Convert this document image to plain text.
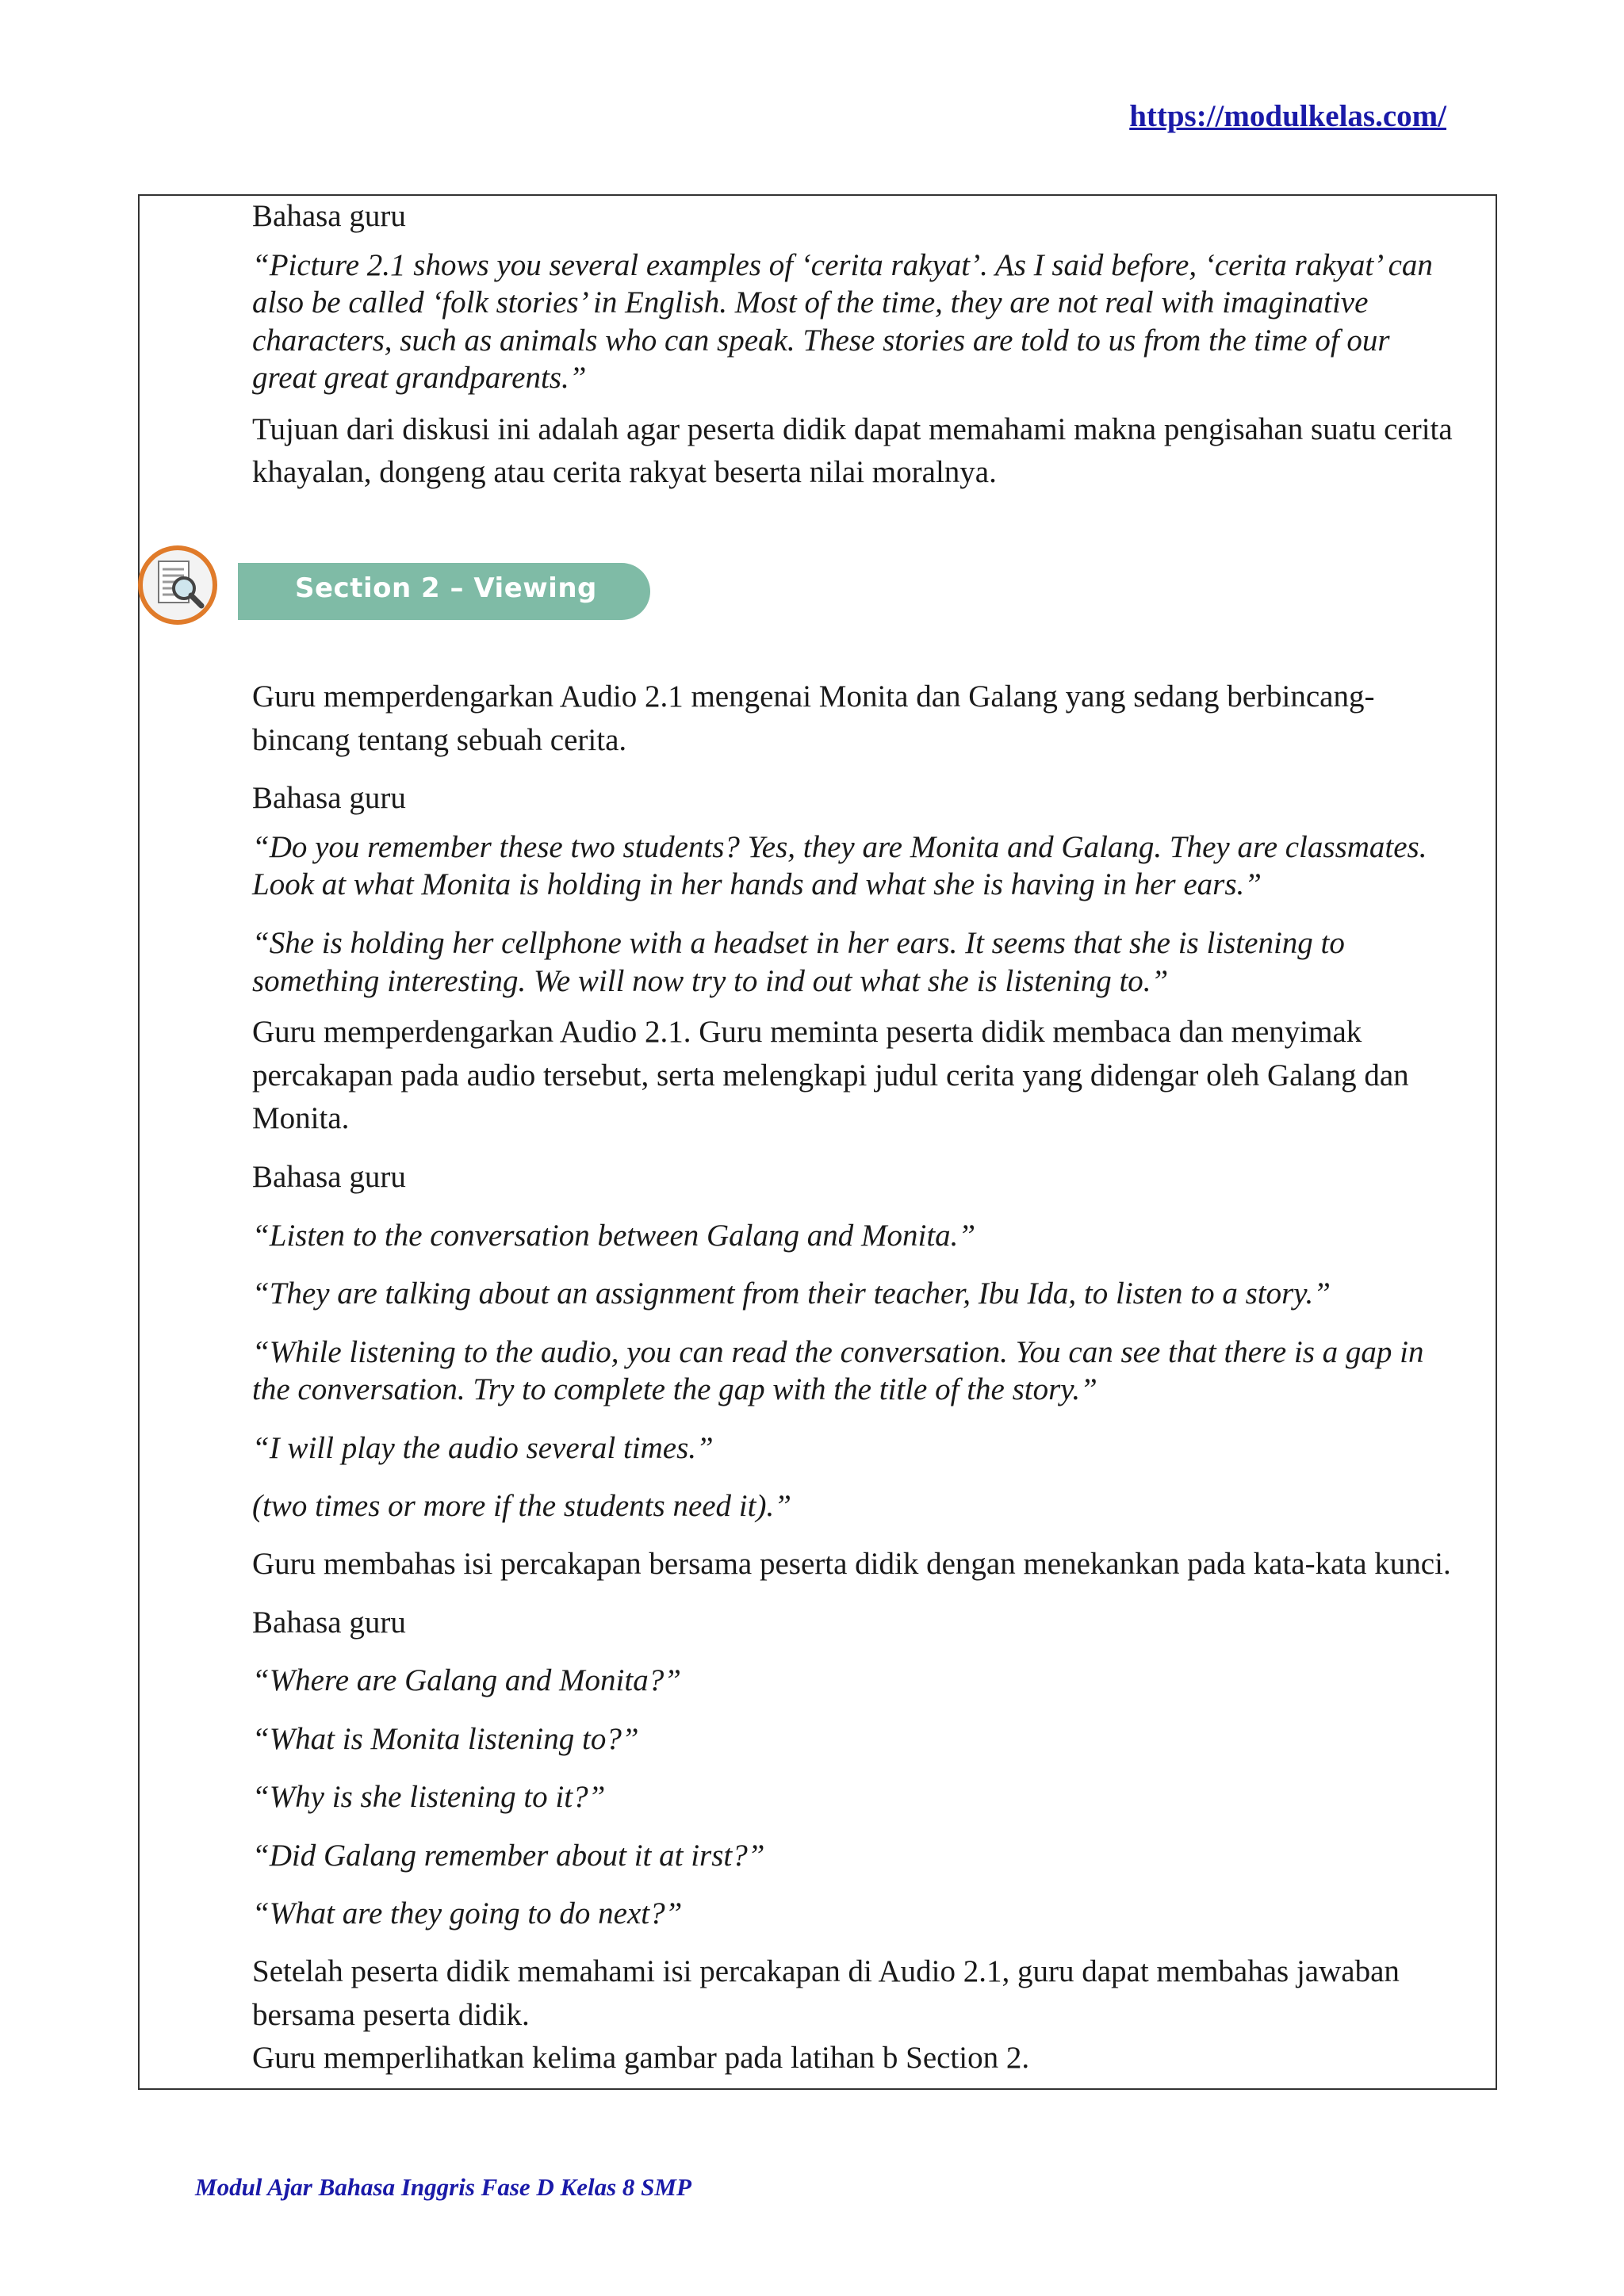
https://modulkelas.com/

Bahasa guru

“Picture 2.1 shows you several examples of ‘cerita rakyat’. As I said before, ‘cerita rakyat’ can also be called ‘folk stories’ in English. Most of the time, they are not real with imaginative characters, such as animals who can speak. These stories are told to us from the time of our great great grandparents.”

Tujuan dari diskusi ini adalah agar peserta didik dapat memahami makna pengisahan suatu cerita khayalan, dongeng atau cerita rakyat beserta nilai moralnya.

Section 2 – Viewing

Guru memperdengarkan Audio 2.1 mengenai Monita dan Galang yang sedang berbincang-bincang tentang sebuah cerita.

Bahasa guru

“Do you remember these two students? Yes, they are Monita and Galang. They are classmates. Look at what Monita is holding in her hands and what she is having in her ears.”

“She is holding her cellphone with a headset in her ears. It seems that she is listening to something interesting. We will now try to ind out what she is listening to.”

Guru memperdengarkan Audio 2.1. Guru meminta peserta didik membaca dan menyimak percakapan pada audio tersebut, serta melengkapi judul cerita yang didengar oleh Galang dan Monita.

Bahasa guru

“Listen to the conversation between Galang and Monita.”

“They are talking about an assignment from their teacher, Ibu Ida, to listen to a story.”

“While listening to the audio, you can read the conversation. You can see that there is a gap in the conversation. Try to complete the gap with the title of the story.”

“I will play the audio several times.”

(two times or more if the students need it).”

Guru membahas isi percakapan bersama peserta didik dengan menekankan pada kata-kata kunci.

Bahasa guru

“Where are Galang and Monita?”

“What is Monita listening to?”

“Why is she listening to it?”

“Did Galang remember about it at irst?”

“What are they going to do next?”

Setelah peserta didik memahami isi percakapan di Audio 2.1, guru dapat membahas jawaban bersama peserta didik.

Guru memperlihatkan kelima gambar pada latihan b Section 2.

Modul Ajar Bahasa Inggris Fase D Kelas 8 SMP
